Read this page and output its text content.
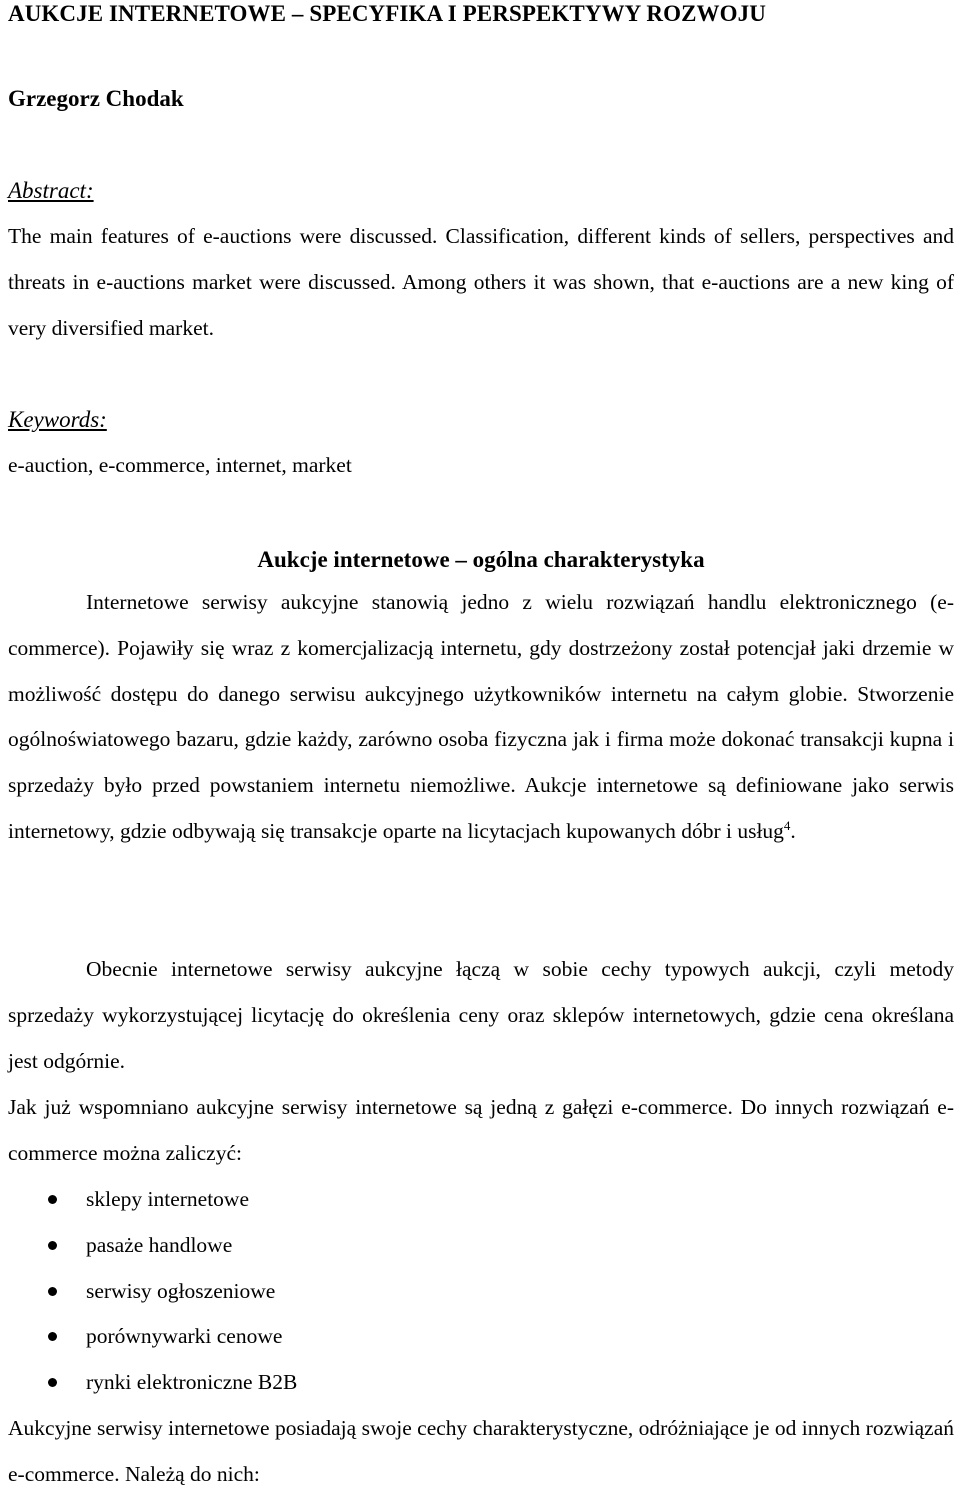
AUKCJE INTERNETOWE – SPECYFIKA I PERSPEKTYWY ROZWOJU
Grzegorz Chodak
Abstract:

The main features of e-auctions were discussed. Classification, different kinds of sellers, perspectives and threats in e-auctions market were discussed. Among others it was shown, that e-auctions are a new king of very diversified market.

Keywords:

e-auction, e-commerce, internet, market

Aukcje internetowe – ogólna charakterystyka

Internetowe serwisy aukcyjne stanowią jedno z wielu rozwiązań handlu elektronicznego (e-commerce). Pojawiły się wraz z komercjalizacją internetu, gdy dostrzeżony został potencjał jaki drzemie w możliwość dostępu do danego serwisu aukcyjnego użytkowników internetu na całym globie. Stworzenie ogólnoświatowego bazaru, gdzie każdy, zarówno osoba fizyczna jak i firma może dokonać transakcji kupna i sprzedaży było przed powstaniem internetu niemożliwe. Aukcje internetowe są definiowane jako serwis internetowy, gdzie odbywają się transakcje oparte na licytacjach kupowanych dóbr i usług$^4$.

Obecnie internetowe serwisy aukcyjne łączą w sobie cechy typowych aukcji, czyli metody sprzedaży wykorzystującej licytację do określenia ceny oraz sklepów internetowych, gdzie cena określana jest odgórnie.

Jak już wspomniano aukcyjne serwisy internetowe są jedną z gałęzi e-commerce. Do innych rozwiązań e-commerce można zaliczyć:

sklepy internetowe
pasaże handlowe
serwisy ogłoszeniowe
porównywarki cenowe
rynki elektroniczne B2B

Aukcyjne serwisy internetowe posiadają swoje cechy charakterystyczne, odróżniające je od innych rozwiązań e-commerce. Należą do nich:
